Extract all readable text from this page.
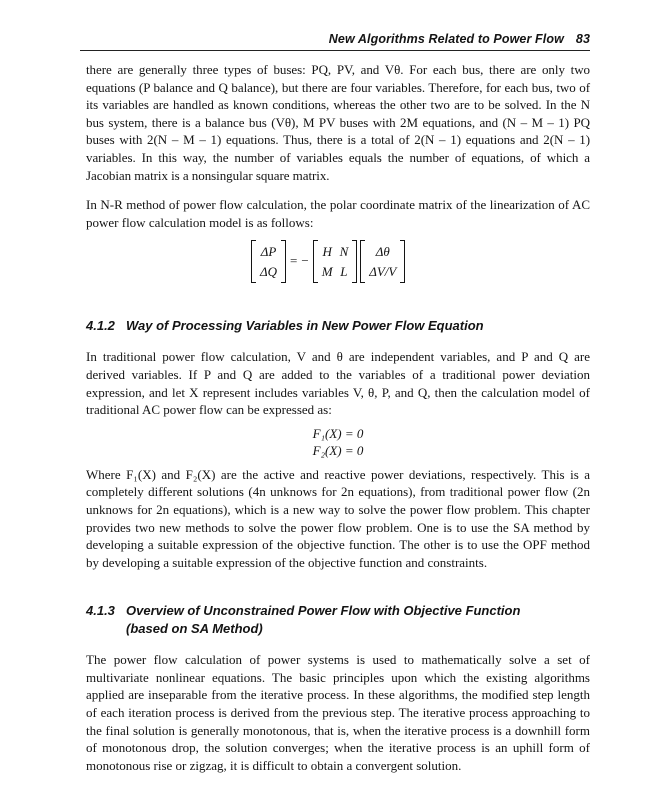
New Algorithms Related to Power Flow 83

there are generally three types of buses: PQ, PV, and Vθ. For each bus, there are only two equations (P balance and Q balance), but there are four variables. Therefore, for each bus, two of its variables are handled as known conditions, whereas the other two are to be solved. In the N bus system, there is a balance bus (Vθ), M PV buses with 2M equations, and (N – M – 1) PQ buses with 2(N – M – 1) equations. Thus, there is a total of 2(N – 1) equations and 2(N – 1) variables. In this way, the number of variables equals the number of equations, of which a Jacobian matrix is a nonsingular square matrix.

In N-R method of power flow calculation, the polar coordinate matrix of the linearization of AC power flow calculation model is as follows:

ΔP
ΔQ
= −
H N
M L
Δθ
ΔV/V
4.1.2 Way of Processing Variables in New Power Flow Equation

In traditional power flow calculation, V and θ are independent variables, and P and Q are derived variables. If P and Q are added to the variables of a traditional power deviation expression, and let X represent includes variables V, θ, P, and Q, then the calculation model of traditional AC power flow can be expressed as:

F₁(X) = 0
F₂(X) = 0

Where F₁(X) and F₂(X) are the active and reactive power deviations, respectively. This is a completely different solutions (4n unknows for 2n equations), from traditional power flow (2n unknows for 2n equations), which is a new way to solve the power flow problem. This chapter provides two new methods to solve the power flow problem. One is to use the SA method by developing a suitable expression of the objective function. The other is to use the OPF method by developing a suitable expression of the objective function and constraints.

4.1.3 Overview of Unconstrained Power Flow with Objective Function
(based on SA Method)

The power flow calculation of power systems is used to mathematically solve a set of multivariate nonlinear equations. The basic principles upon which the existing algorithms applied are inseparable from the iterative process. In these algorithms, the modified step length of each iteration process is derived from the previous step. The iterative process approaching to the final solution is generally monotonous, that is, when the iterative process is a downhill form of monotonous drop, the solution converges; when the iterative process is an uphill form of monotonous rise or zigzag, it is difficult to obtain a convergent solution.
